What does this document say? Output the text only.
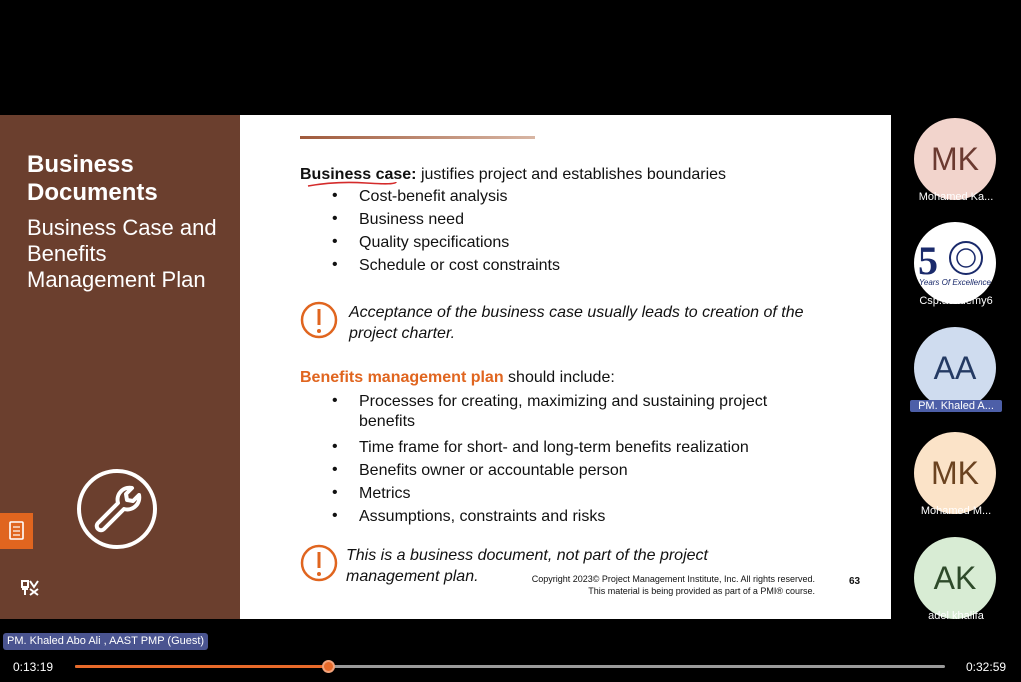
Business Documents
Business Case and Benefits Management Plan
Business case: justifies project and establishes boundaries
• Cost-benefit analysis
• Business need
• Quality specifications
• Schedule or cost constraints
Acceptance of the business case usually leads to creation of the project charter.
Benefits management plan should include:
• Processes for creating, maximizing and sustaining project benefits
• Time frame for short- and long-term benefits realization
• Benefits owner or accountable person
• Metrics
• Assumptions, constraints and risks
This is a business document, not part of the project management plan.	Copyright 2023© Project Management Institute, Inc. All rights reserved.
This material is being provided as part of a PMI® course.
63
MK
Mohamed Ka...
5
Years Of Excellence
Csp.academy6
AA
PM. Khaled A...
MK
Mohamed M...
AK
adel khalifa
PM. Khaled Abo Ali , AAST PMP (Guest)
0:13:19	0:32:59
